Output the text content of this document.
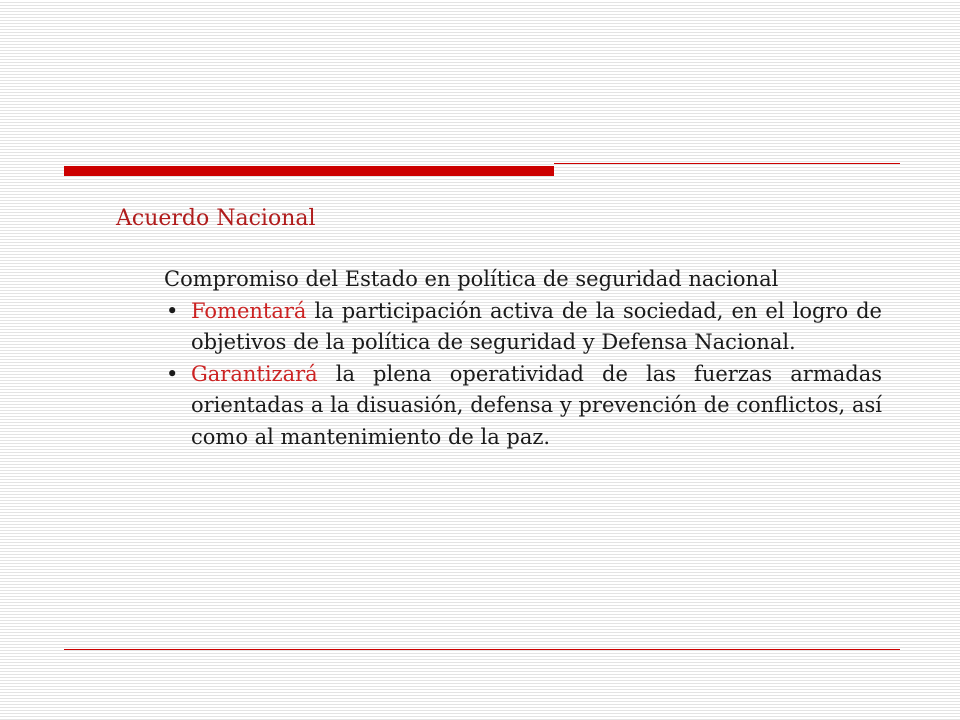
Acuerdo Nacional

Compromiso del Estado en política de seguridad nacional

• Fomentará la participación activa de la sociedad, en el logro de objetivos de la política de seguridad y Defensa Nacional.

• Garantizará la plena operatividad de las fuerzas armadas orientadas a la disuasión, defensa y prevención de conflictos, así como al mantenimiento de la paz.
